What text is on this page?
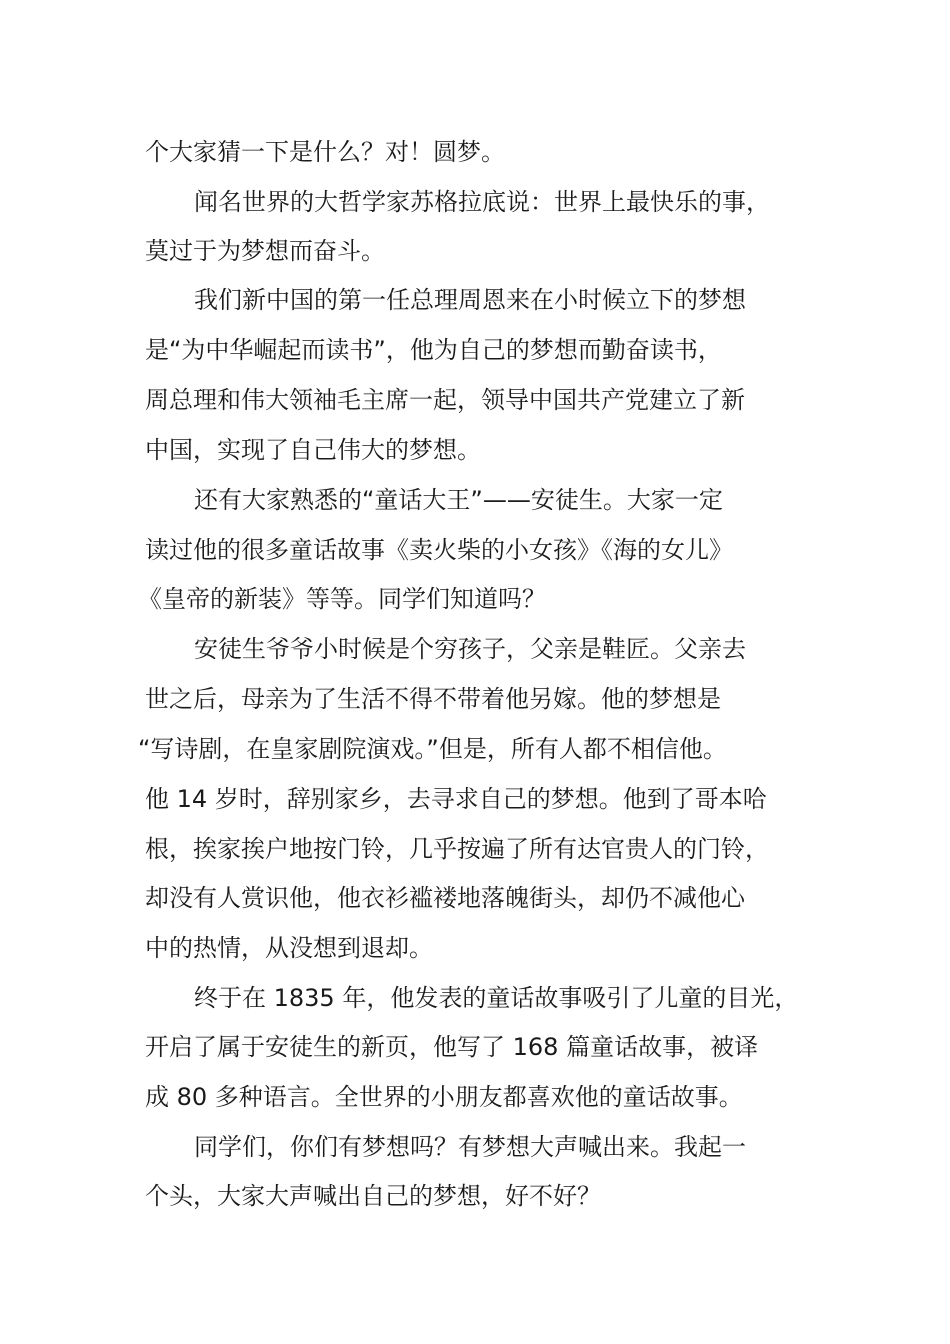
个大家猜一下是什么？对！圆梦。
闻名世界的大哲学家苏格拉底说：世界上最快乐的事，
莫过于为梦想而奋斗。
我们新中国的第一任总理周恩来在小时候立下的梦想
是“为中华崛起而读书”，他为自己的梦想而勤奋读书，
周总理和伟大领袖毛主席一起，领导中国共产党建立了新
中国，实现了自己伟大的梦想。
还有大家熟悉的“童话大王”——安徒生。大家一定
读过他的很多童话故事《卖火柴的小女孩》《海的女儿》
《皇帝的新装》等等。同学们知道吗？
安徒生爷爷小时候是个穷孩子，父亲是鞋匠。父亲去
世之后，母亲为了生活不得不带着他另嫁。他的梦想是
“写诗剧，在皇家剧院演戏。”但是，所有人都不相信他。
他 14 岁时，辞别家乡，去寻求自己的梦想。他到了哥本哈
根，挨家挨户地按门铃，几乎按遍了所有达官贵人的门铃，
却没有人赏识他，他衣衫褴褛地落魄街头，却仍不减他心
中的热情，从没想到退却。
终于在 1835 年，他发表的童话故事吸引了儿童的目光，
开启了属于安徒生的新页，他写了 168 篇童话故事，被译
成 80 多种语言。全世界的小朋友都喜欢他的童话故事。
同学们，你们有梦想吗？有梦想大声喊出来。我起一
个头，大家大声喊出自己的梦想，好不好？
